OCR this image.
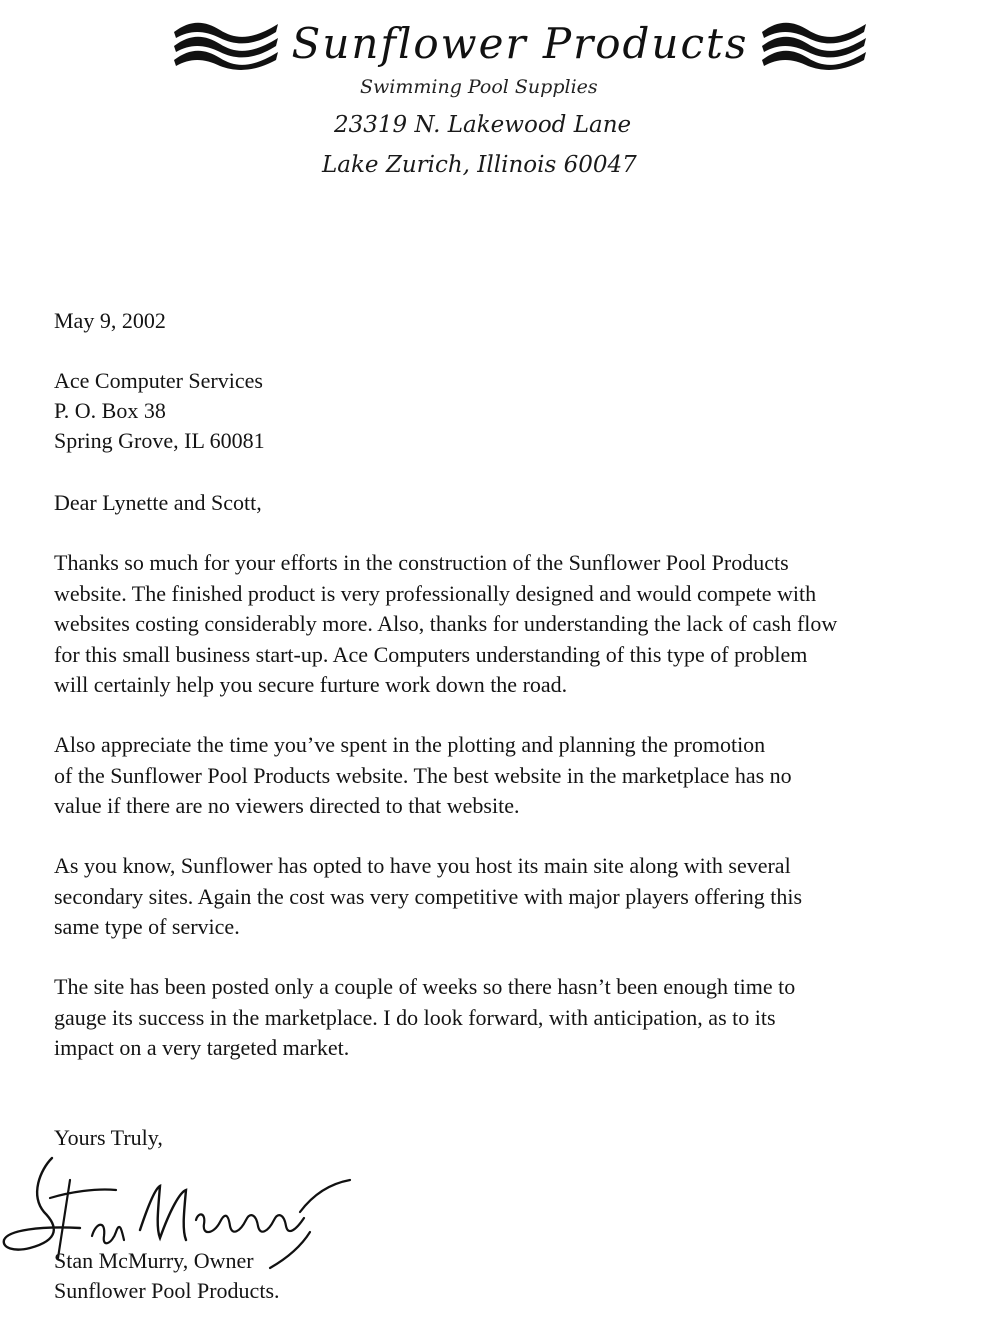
Sunflower Products
Swimming Pool Supplies
23319 N. Lakewood Lane
Lake Zurich, Illinois 60047
May 9, 2002
Ace Computer Services
P. O. Box 38
Spring Grove, IL 60081
Dear Lynette and Scott,
Thanks so much for your efforts in the construction of the Sunflower Pool Products
website. The finished product is very professionally designed and would compete with
websites costing considerably more. Also, thanks for understanding the lack of cash flow
for this small business start-up. Ace Computers understanding of this type of problem
will certainly help you secure furture work down the road.
Also appreciate the time you’ve spent in the plotting and planning the promotion
of the Sunflower Pool Products website. The best website in the marketplace has no
value if there are no viewers directed to that website.
As you know, Sunflower has opted to have you host its main site along with several
secondary sites. Again the cost was very competitive with major players offering this
same type of service.
The site has been posted only a couple of weeks so there hasn’t been enough time to
gauge its success in the marketplace. I do look forward, with anticipation, as to its
impact on a very targeted market.
Yours Truly,
Stan McMurry, Owner
Sunflower Pool Products.
